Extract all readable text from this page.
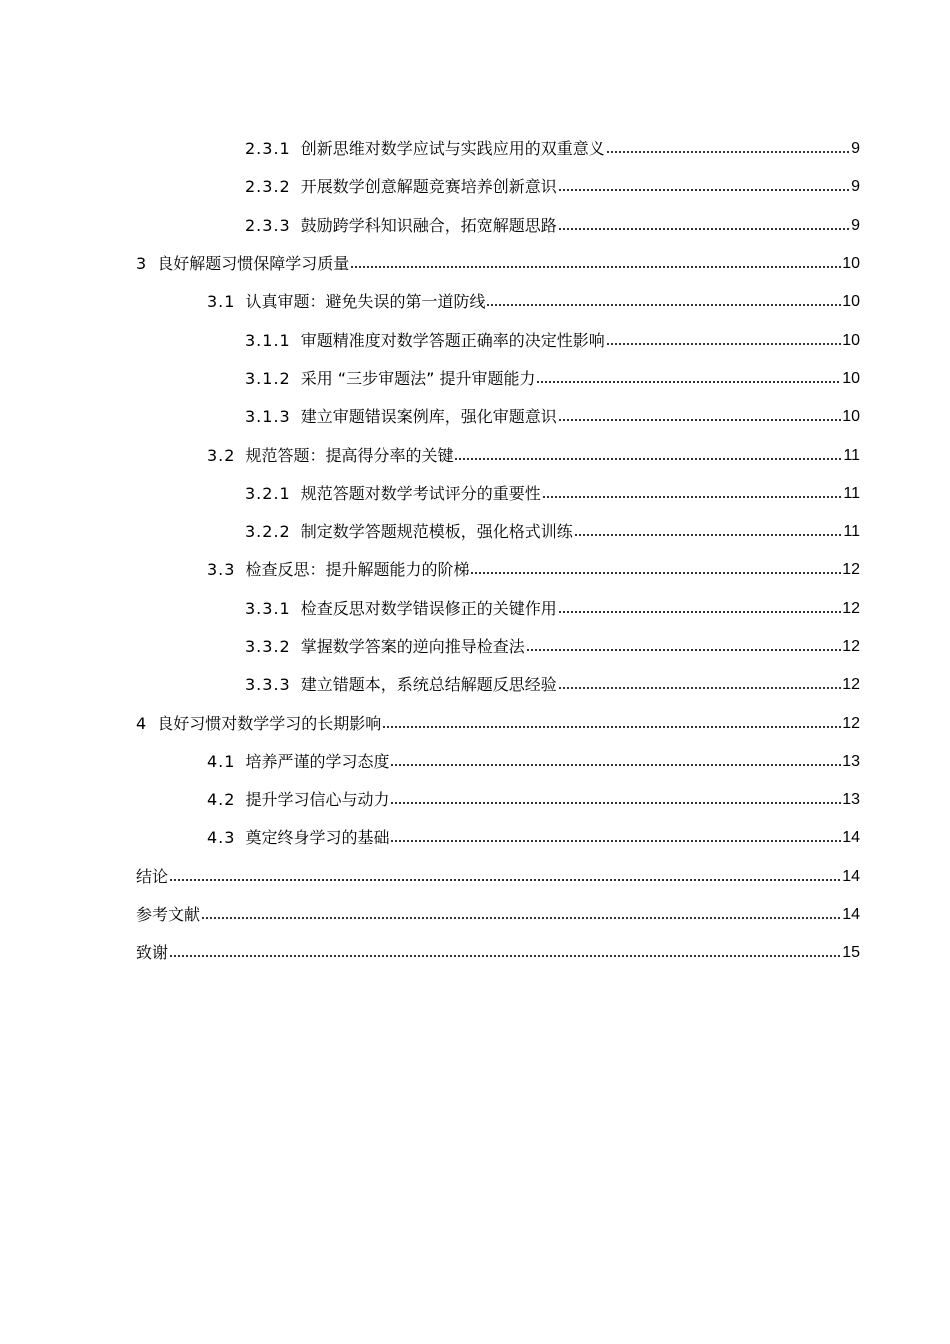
2.3.1 创新思维对数学应试与实践应用的双重意义	9
2.3.2 开展数学创意解题竞赛培养创新意识	9
2.3.3 鼓励跨学科知识融合，拓宽解题思路	9
3 良好解题习惯保障学习质量	10
3.1 认真审题：避免失误的第一道防线	10
3.1.1 审题精准度对数学答题正确率的决定性影响	10
3.1.2 采用 “三步审题法” 提升审题能力	10
3.1.3 建立审题错误案例库，强化审题意识	10
3.2 规范答题：提高得分率的关键	11
3.2.1 规范答题对数学考试评分的重要性	11
3.2.2 制定数学答题规范模板，强化格式训练	11
3.3 检查反思：提升解题能力的阶梯	12
3.3.1 检查反思对数学错误修正的关键作用	12
3.3.2 掌握数学答案的逆向推导检查法	12
3.3.3 建立错题本，系统总结解题反思经验	12
4 良好习惯对数学学习的长期影响	12
4.1 培养严谨的学习态度	13
4.2 提升学习信心与动力	13
4.3 奠定终身学习的基础	14
结论	14
参考文献	14
致谢	15
